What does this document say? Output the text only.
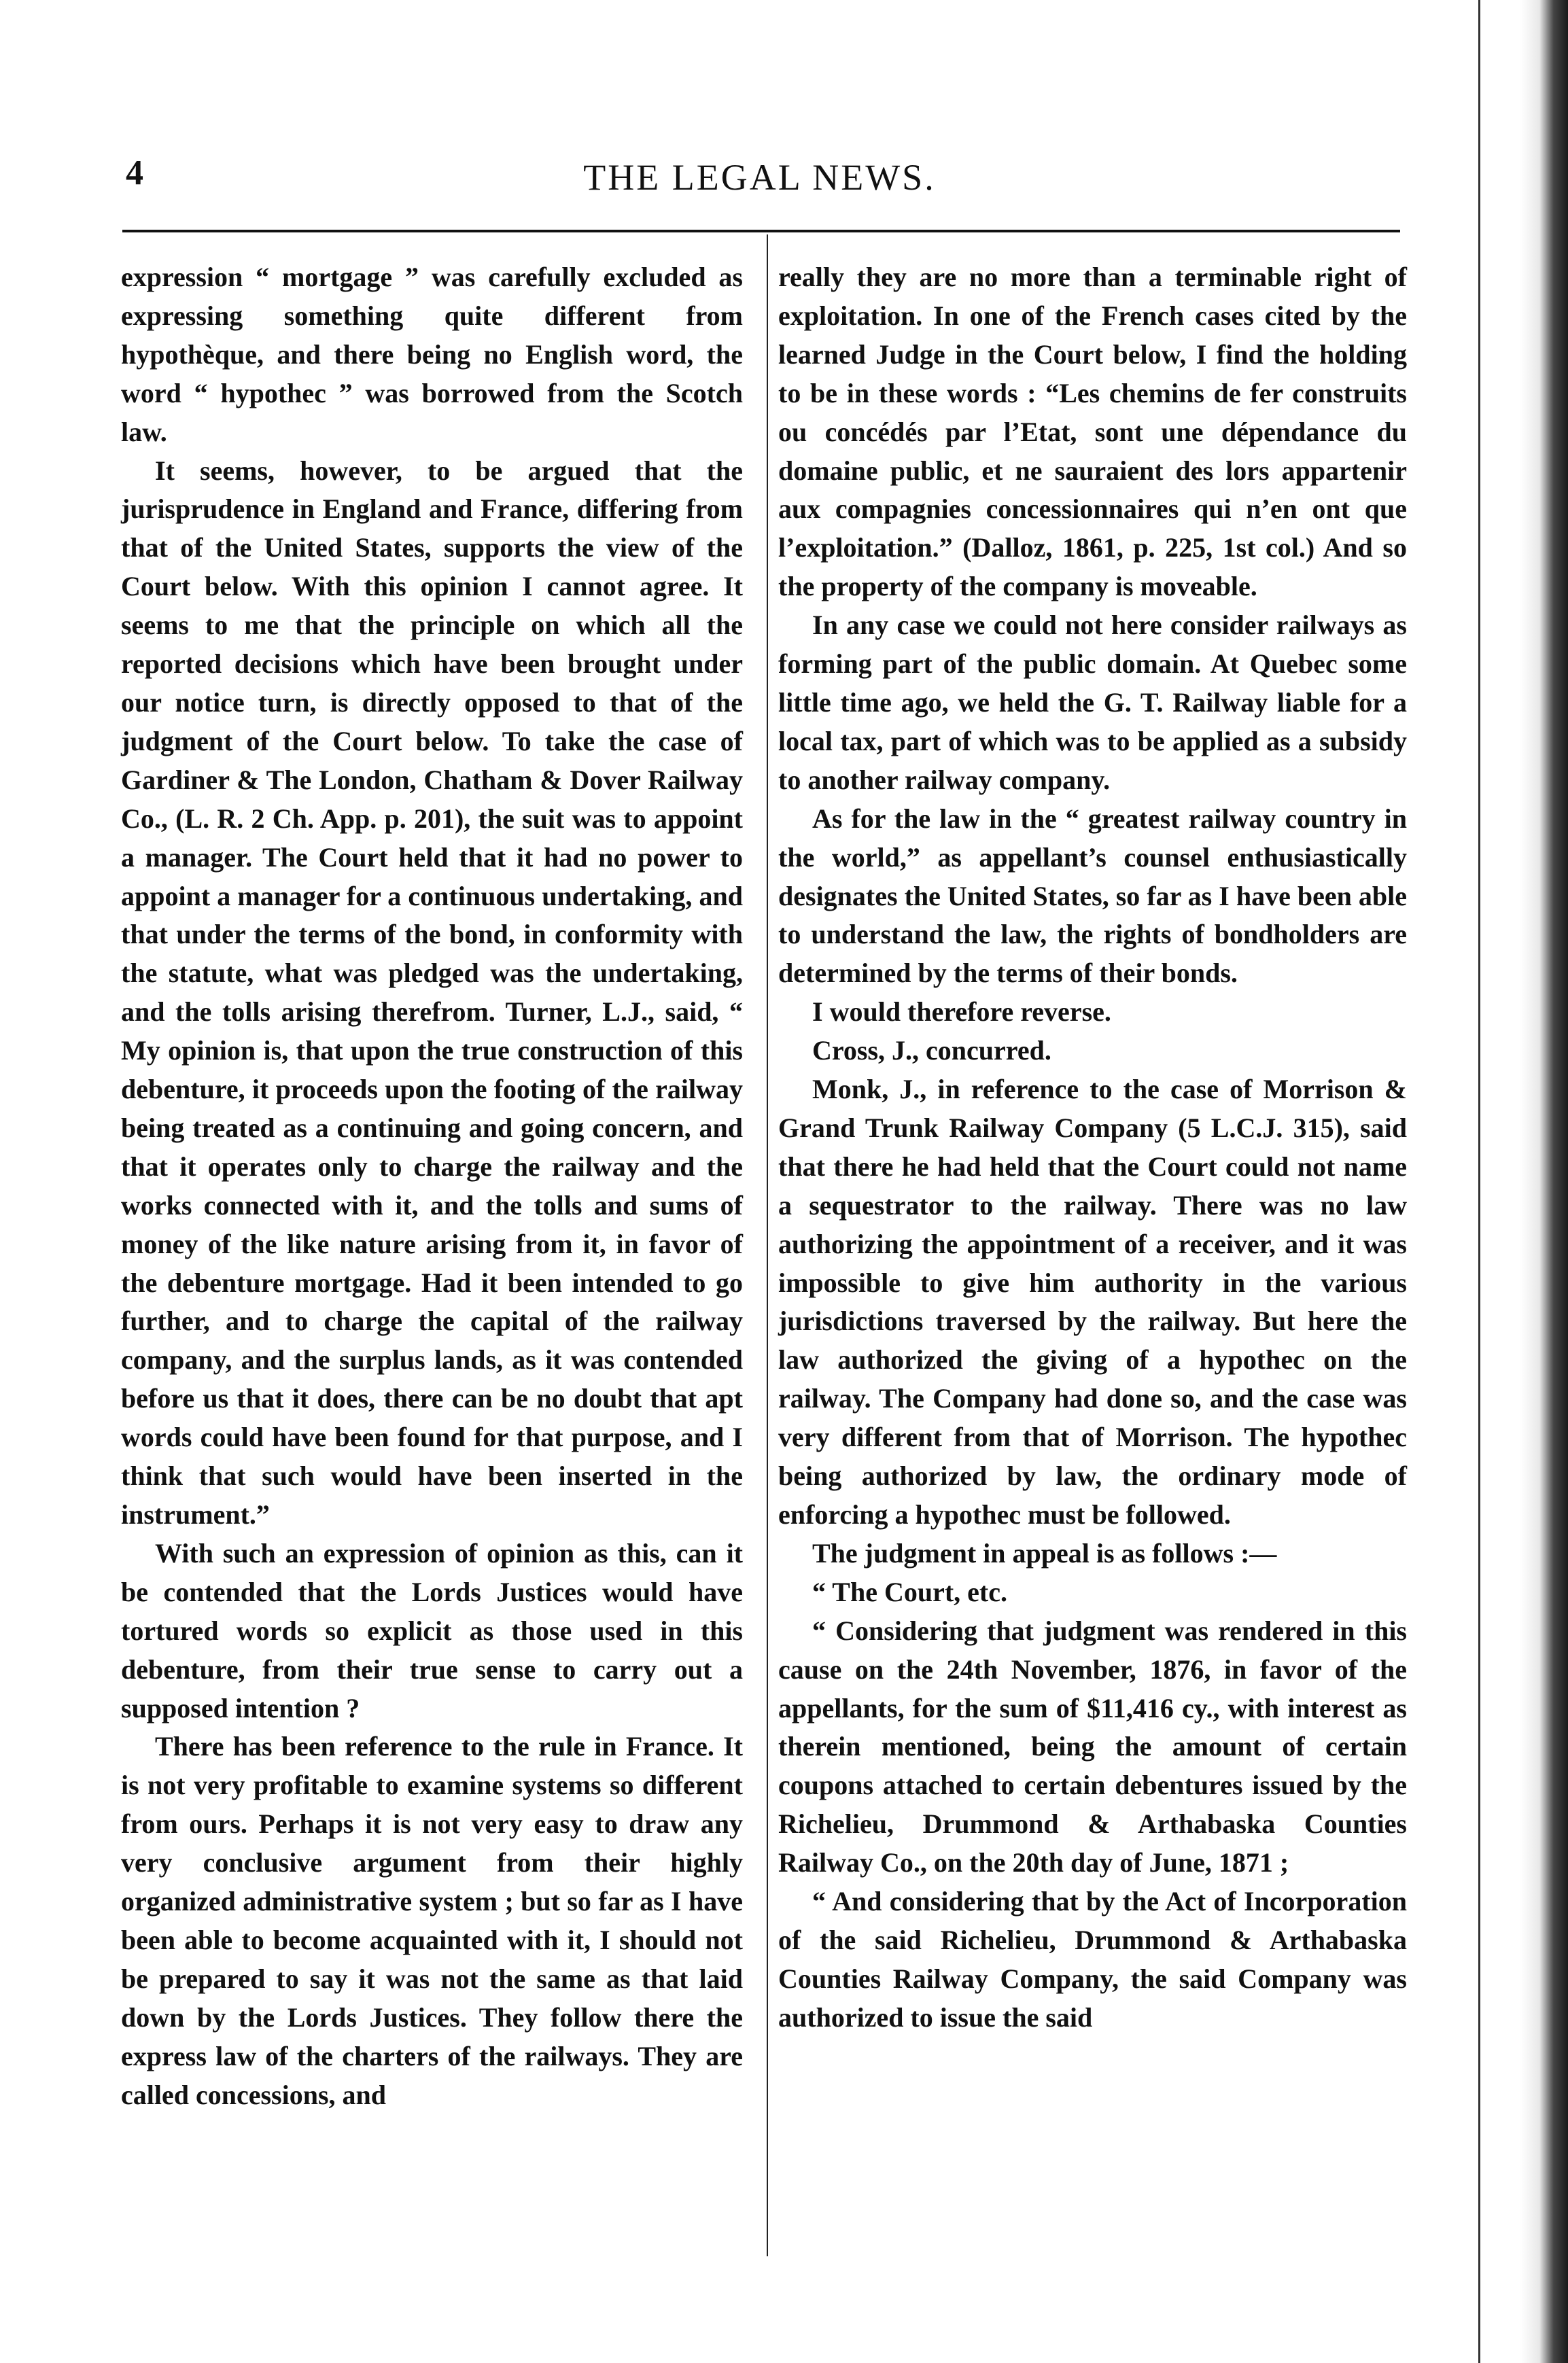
4	THE LEGAL NEWS.

expression “ mortgage ” was carefully excluded as expressing something quite different from hypothèque, and there being no English word, the word “ hypothec ” was borrowed from the Scotch law.

It seems, however, to be argued that the jurisprudence in England and France, differing from that of the United States, supports the view of the Court below. With this opinion I cannot agree. It seems to me that the principle on which all the reported decisions which have been brought under our notice turn, is directly opposed to that of the judgment of the Court below. To take the case of Gardiner & The London, Chatham & Dover Railway Co., (L. R. 2 Ch. App. p. 201), the suit was to appoint a manager. The Court held that it had no power to appoint a manager for a continuous undertaking, and that under the terms of the bond, in conformity with the statute, what was pledged was the undertaking, and the tolls arising therefrom. Turner, L.J., said, “ My opinion is, that upon the true construction of this debenture, it proceeds upon the footing of the railway being treated as a continuing and going concern, and that it operates only to charge the railway and the works connected with it, and the tolls and sums of money of the like nature arising from it, in favor of the debenture mortgage. Had it been intended to go further, and to charge the capital of the railway company, and the surplus lands, as it was contended before us that it does, there can be no doubt that apt words could have been found for that purpose, and I think that such would have been inserted in the instrument.”

With such an expression of opinion as this, can it be contended that the Lords Justices would have tortured words so explicit as those used in this debenture, from their true sense to carry out a supposed intention ?

There has been reference to the rule in France. It is not very profitable to examine systems so different from ours. Perhaps it is not very easy to draw any very conclusive argument from their highly organized administrative system ; but so far as I have been able to become acquainted with it, I should not be prepared to say it was not the same as that laid down by the Lords Justices. They follow there the express law of the charters of the railways. They are called concessions, and

really they are no more than a terminable right of exploitation. In one of the French cases cited by the learned Judge in the Court below, I find the holding to be in these words : “Les chemins de fer construits ou concédés par l’Etat, sont une dépendance du domaine public, et ne sauraient des lors appartenir aux compagnies concessionnaires qui n’en ont que l’exploitation.” (Dalloz, 1861, p. 225, 1st col.) And so the property of the company is moveable.

In any case we could not here consider railways as forming part of the public domain. At Quebec some little time ago, we held the G. T. Railway liable for a local tax, part of which was to be applied as a subsidy to another railway company.

As for the law in the “ greatest railway country in the world,” as appellant’s counsel enthusiastically designates the United States, so far as I have been able to understand the law, the rights of bondholders are determined by the terms of their bonds.

I would therefore reverse.

Cross, J., concurred.

Monk, J., in reference to the case of Morrison & Grand Trunk Railway Company (5 L.C.J. 315), said that there he had held that the Court could not name a sequestrator to the railway. There was no law authorizing the appointment of a receiver, and it was impossible to give him authority in the various jurisdictions traversed by the railway. But here the law authorized the giving of a hypothec on the railway. The Company had done so, and the case was very different from that of Morrison. The hypothec being authorized by law, the ordinary mode of enforcing a hypothec must be followed.

The judgment in appeal is as follows :—

“ The Court, etc.

“ Considering that judgment was rendered in this cause on the 24th November, 1876, in favor of the appellants, for the sum of $11,416 cy., with interest as therein mentioned, being the amount of certain coupons attached to certain debentures issued by the Richelieu, Drummond & Arthabaska Counties Railway Co., on the 20th day of June, 1871 ;

“ And considering that by the Act of Incorporation of the said Richelieu, Drummond & Arthabaska Counties Railway Company, the said Company was authorized to issue the said
